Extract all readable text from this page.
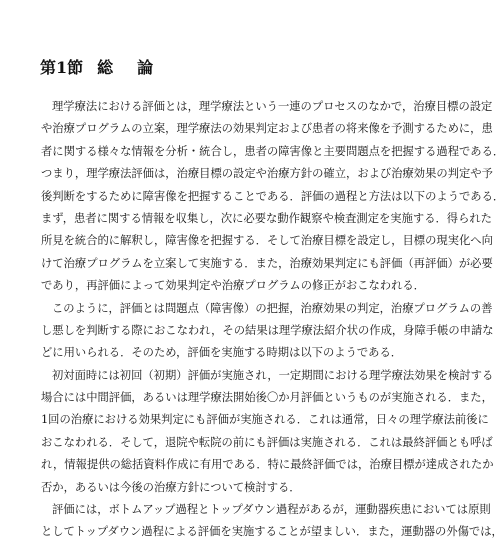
第1節 総論
理学療法における評価とは，理学療法という一連のプロセスのなかで，治療目標の設定
や治療プログラムの立案，理学療法の効果判定および患者の将来像を予測するために，患
者に関する様々な情報を分析・統合し，患者の障害像と主要問題点を把握する過程である．
つまり，理学療法評価は，治療目標の設定や治療方針の確立，および治療効果の判定や予
後判断をするために障害像を把握することである．評価の過程と方法は以下のようである．
まず，患者に関する情報を収集し，次に必要な動作観察や検査測定を実施する．得られた
所見を統合的に解釈し，障害像を把握する．そして治療目標を設定し，目標の現実化へ向
けて治療プログラムを立案して実施する．また，治療効果判定にも評価（再評価）が必要
であり，再評価によって効果判定や治療プログラムの修正がおこなわれる．
このように，評価とは問題点（障害像）の把握，治療効果の判定，治療プログラムの善
し悪しを判断する際におこなわれ，その結果は理学療法紹介状の作成，身障手帳の申請な
どに用いられる．そのため，評価を実施する時期は以下のようである．
初対面時には初回（初期）評価が実施され，一定期間における理学療法効果を検討する
場合には中間評価，あるいは理学療法開始後〇か月評価というものが実施される．また，
1回の治療における効果判定にも評価が実施される．これは通常，日々の理学療法前後に
おこなわれる．そして，退院や転院の前にも評価は実施される．これは最終評価とも呼ば
れ，情報提供の総括資料作成に有用である．特に最終評価では，治療目標が達成されたか
否か，あるいは今後の治療方針について検討する．
評価には，ボトムアップ過程とトップダウン過程があるが，運動器疾患においては原則
としてトップダウン過程による評価を実施することが望ましい．また，運動器の外傷では，
